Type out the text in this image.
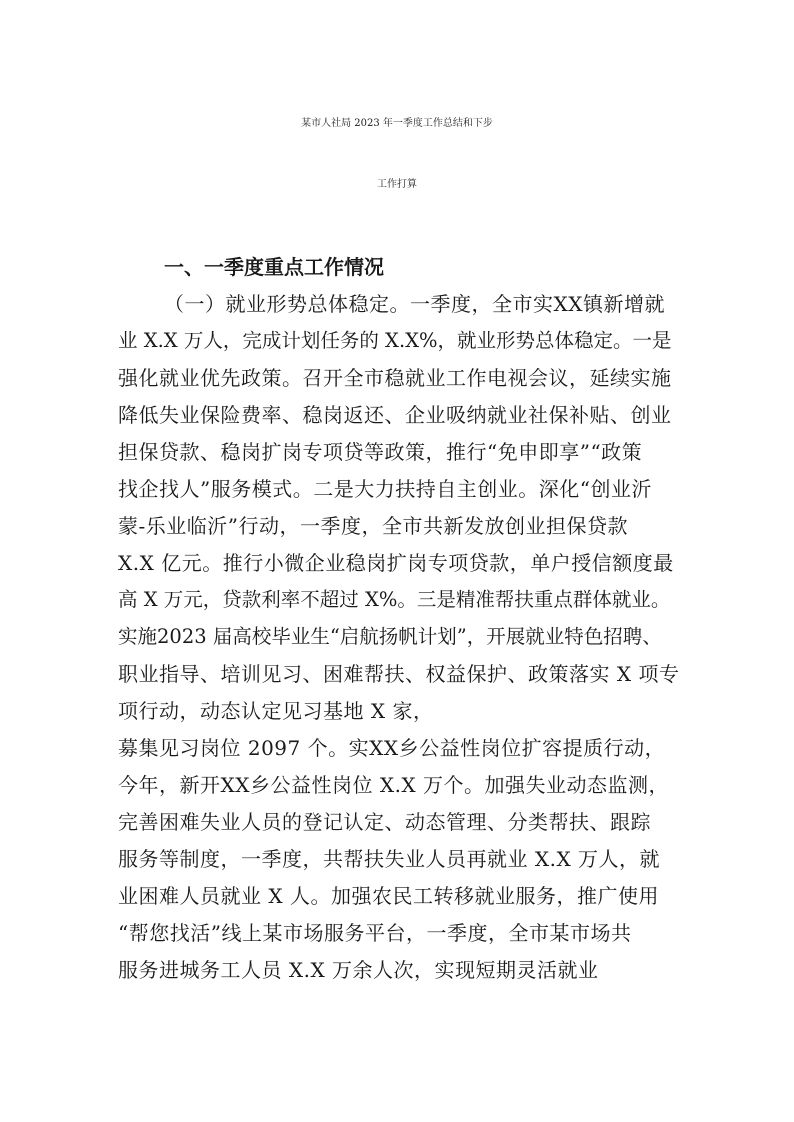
某市人社局 2023 年一季度工作总结和下步
工作打算
一、一季度重点工作情况
（一）就业形势总体稳定。一季度，全市实XX镇新增就
业 X.X 万人，完成计划任务的 X.X%，就业形势总体稳定。一是
强化就业优先政策。召开全市稳就业工作电视会议，延续实施
降低失业保险费率、稳岗返还、企业吸纳就业社保补贴、创业
担保贷款、稳岗扩岗专项贷等政策，推行“免申即享”“政策
找企找人”服务模式。二是大力扶持自主创业。深化“创业沂
蒙-乐业临沂”行动，一季度，全市共新发放创业担保贷款
X.X 亿元。推行小微企业稳岗扩岗专项贷款，单户授信额度最
高 X 万元，贷款利率不超过 X%。三是精准帮扶重点群体就业。
实施2023 届高校毕业生“启航扬帆计划”，开展就业特色招聘、
职业指导、培训见习、困难帮扶、权益保护、政策落实 X 项专
项行动，动态认定见习基地 X 家，
募集见习岗位 2097 个。实XX乡公益性岗位扩容提质行动，
今年，新开XX乡公益性岗位 X.X 万个。加强失业动态监测，
完善困难失业人员的登记认定、动态管理、分类帮扶、跟踪
服务等制度，一季度，共帮扶失业人员再就业 X.X 万人，就
业困难人员就业 X 人。加强农民工转移就业服务，推广使用
“帮您找活”线上某市场服务平台，一季度，全市某市场共
服务进城务工人员 X.X 万余人次，实现短期灵活就业
